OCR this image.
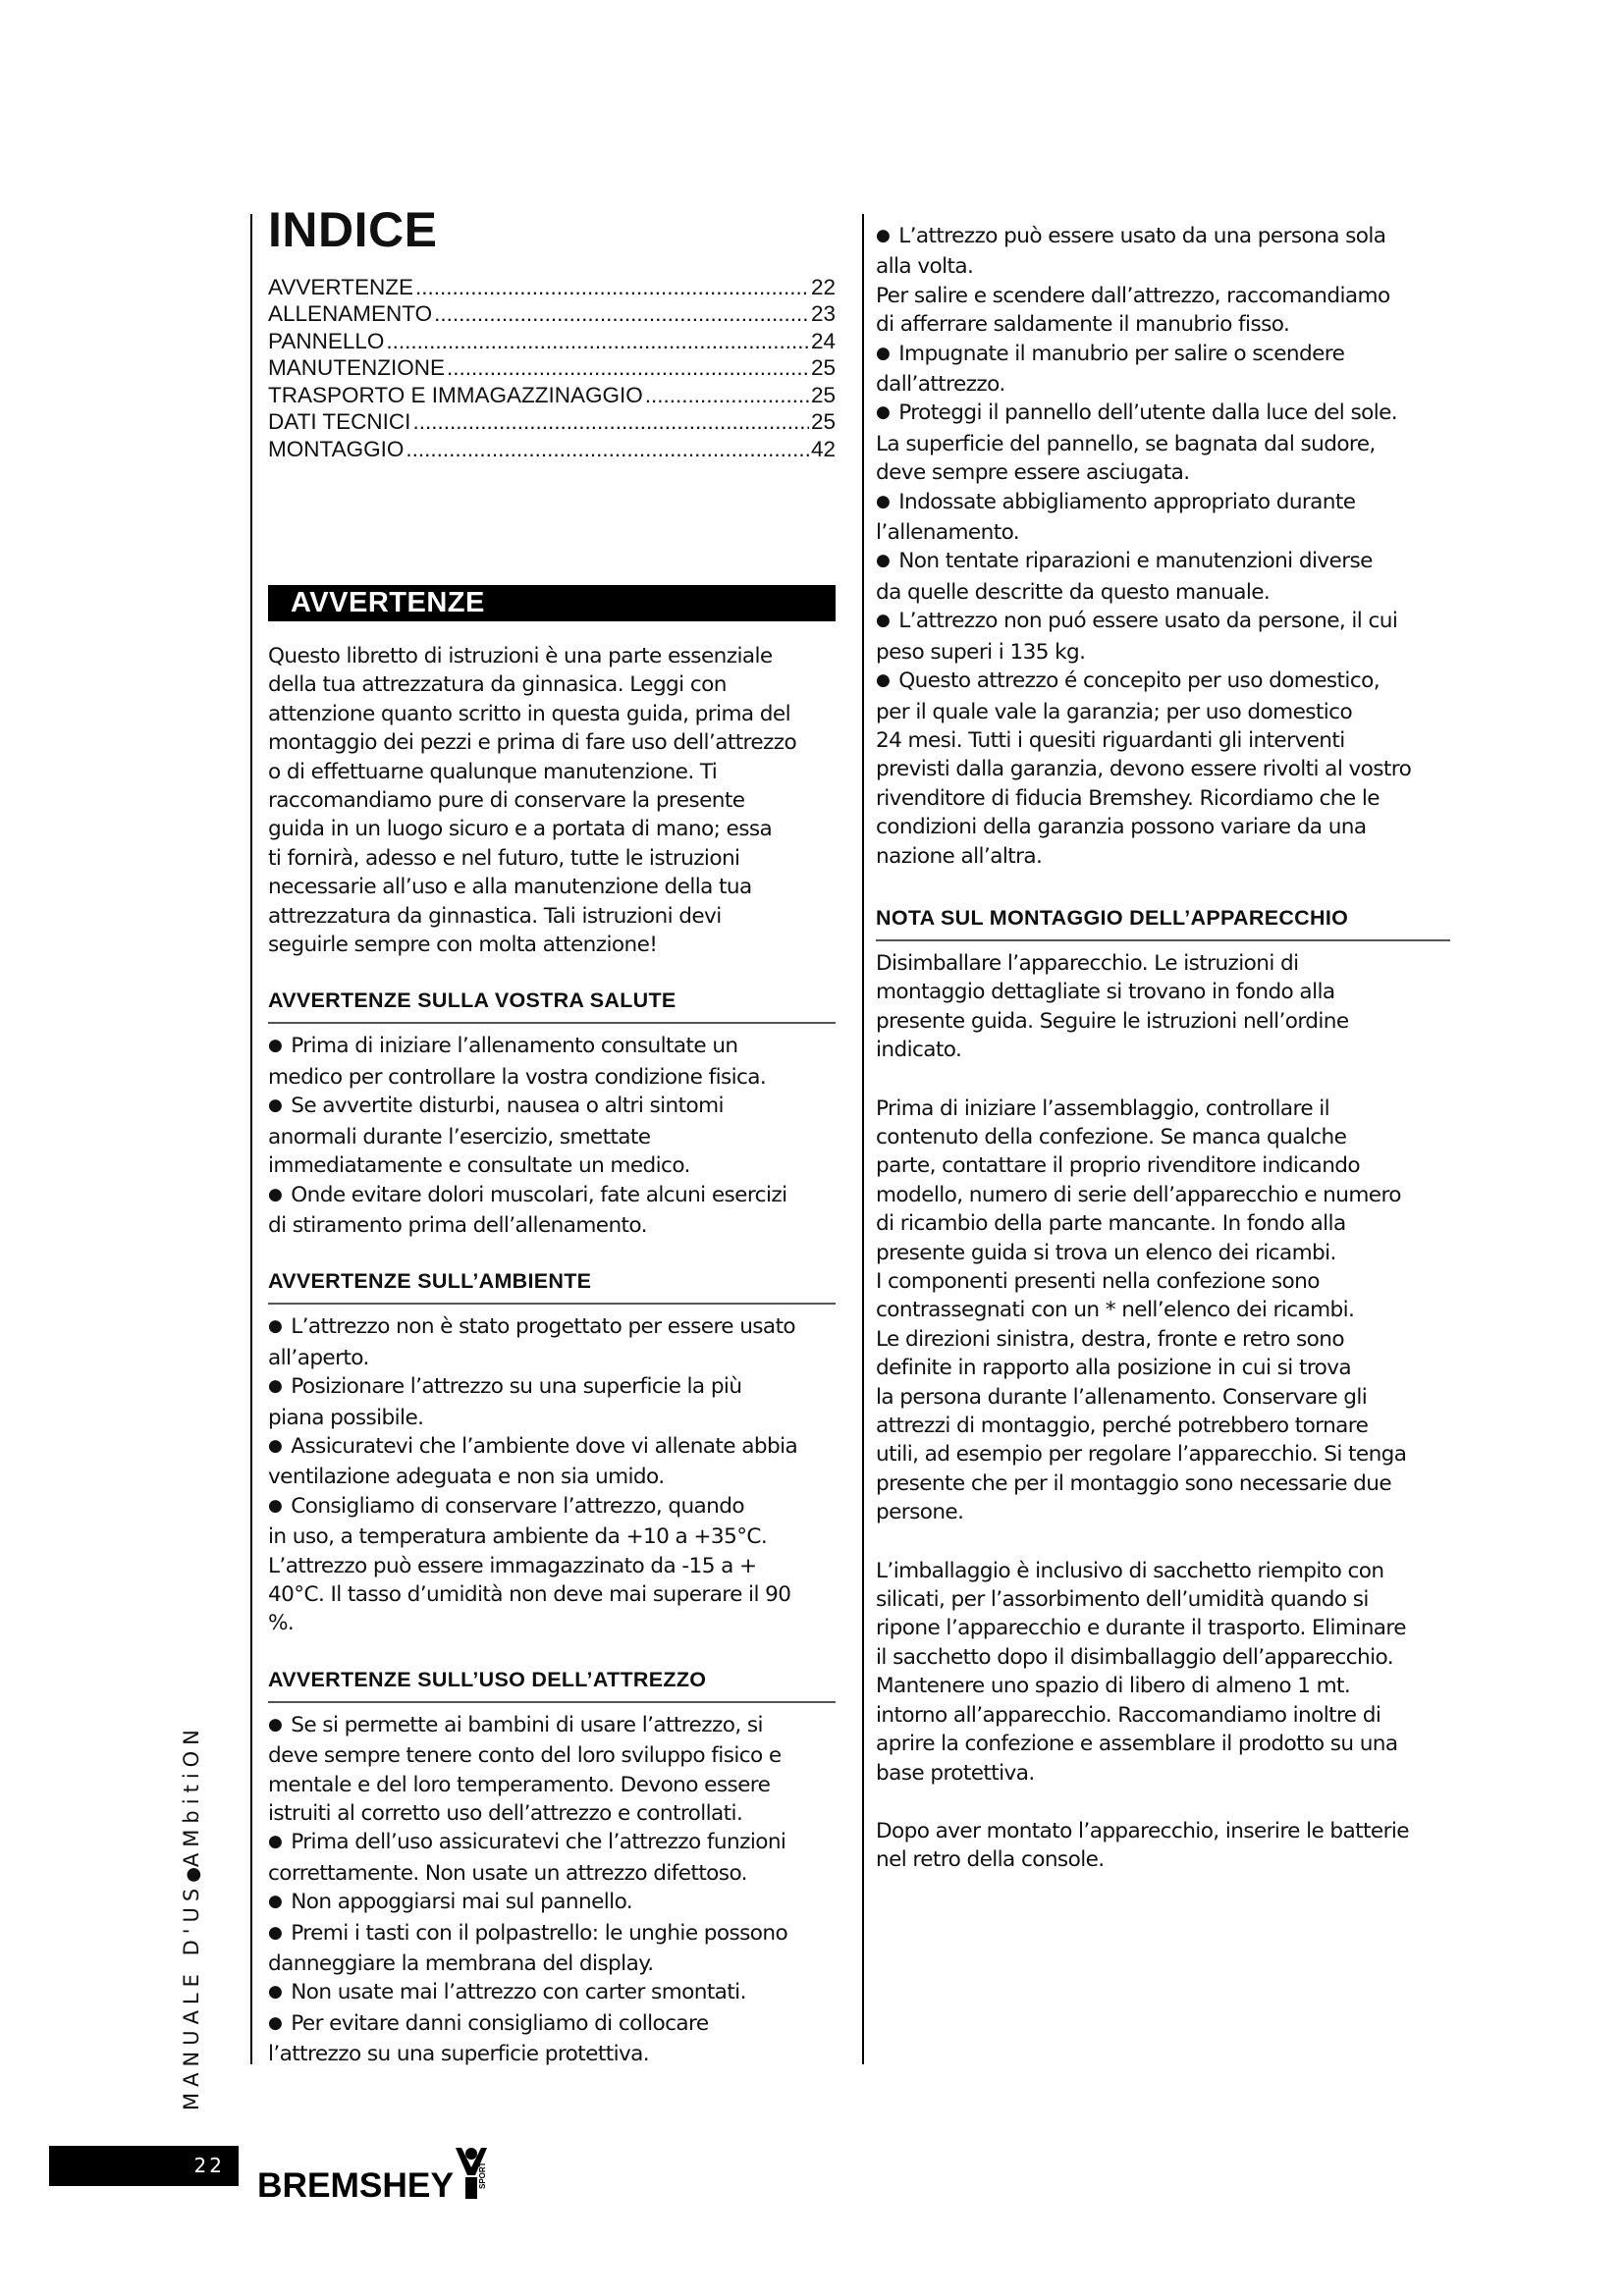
INDICE
AVVERTENZE .....	22
ALLENAMENTO .....	23
PANNELLO .....	24
MANUTENZIONE .....	25
TRASPORTO E IMMAGAZZINAGGIO .....	25
DATI TECNICI .....	25
MONTAGGIO .....	42
AVVERTENZE

Questo libretto di istruzioni è una parte essenziale

della tua attrezzatura da ginnasica. Leggi con

attenzione quanto scritto in questa guida, prima del

montaggio dei pezzi e prima di fare uso dell’attrezzo

o di effettuarne qualunque manutenzione. Ti

raccomandiamo pure di conservare la presente

guida in un luogo sicuro e a portata di mano; essa

ti fornirà, adesso e nel futuro, tutte le istruzioni

necessarie all’uso e alla manutenzione della tua

attrezzatura da ginnastica. Tali istruzioni devi

seguirle sempre con molta attenzione!

AVVERTENZE SULLA VOSTRA SALUTE

● Prima di iniziare l’allenamento consultate un

medico per controllare la vostra condizione fisica.

● Se avvertite disturbi, nausea o altri sintomi

anormali durante l’esercizio, smettate

immediatamente e consultate un medico.

● Onde evitare dolori muscolari, fate alcuni esercizi

di stiramento prima dell’allenamento.

AVVERTENZE SULL’AMBIENTE

● L’attrezzo non è stato progettato per essere usato

all’aperto.

● Posizionare l’attrezzo su una superficie la più

piana possibile.

● Assicuratevi che l’ambiente dove vi allenate abbia

ventilazione adeguata e non sia umido.

● Consigliamo di conservare l’attrezzo, quando

in uso, a temperatura ambiente da +10 a +35°C.

L’attrezzo può essere immagazzinato da -15 a +

40°C. Il tasso d’umidità non deve mai superare il 90

%.

AVVERTENZE SULL’USO DELL’ATTREZZO

● Se si permette ai bambini di usare l’attrezzo, si

deve sempre tenere conto del loro sviluppo fisico e

mentale e del loro temperamento. Devono essere

istruiti al corretto uso dell’attrezzo e controllati.

● Prima dell’uso assicuratevi che l’attrezzo funzioni

correttamente. Non usate un attrezzo difettoso.

● Non appoggiarsi mai sul pannello.

● Premi i tasti con il polpastrello: le unghie possono

danneggiare la membrana del display.

● Non usate mai l’attrezzo con carter smontati.

● Per evitare danni consigliamo di collocare

l’attrezzo su una superficie protettiva.

● L’attrezzo può essere usato da una persona sola

alla volta.

Per salire e scendere dall’attrezzo, raccomandiamo

di afferrare saldamente il manubrio fisso.

● Impugnate il manubrio per salire o scendere

dall’attrezzo.

● Proteggi il pannello dell’utente dalla luce del sole.

La superficie del pannello, se bagnata dal sudore,

deve sempre essere asciugata.

● Indossate abbigliamento appropriato durante

l’allenamento.

● Non tentate riparazioni e manutenzioni diverse

da quelle descritte da questo manuale.

● L’attrezzo non puó essere usato da persone, il cui

peso superi i 135 kg.

● Questo attrezzo é concepito per uso domestico,

per il quale vale la garanzia; per uso domestico

24 mesi. Tutti i quesiti riguardanti gli interventi

previsti dalla garanzia, devono essere rivolti al vostro

rivenditore di fiducia Bremshey. Ricordiamo che le

condizioni della garanzia possono variare da una

nazione all’altra.

NOTA SUL MONTAGGIO DELL’APPARECCHIO

Disimballare l’apparecchio. Le istruzioni di

montaggio dettagliate si trovano in fondo alla

presente guida. Seguire le istruzioni nell’ordine

indicato.

Prima di iniziare l’assemblaggio, controllare il

contenuto della confezione. Se manca qualche

parte, contattare il proprio rivenditore indicando

modello, numero di serie dell’apparecchio e numero

di ricambio della parte mancante. In fondo alla

presente guida si trova un elenco dei ricambi.

I componenti presenti nella confezione sono

contrassegnati con un * nell’elenco dei ricambi.

Le direzioni sinistra, destra, fronte e retro sono

definite in rapporto alla posizione in cui si trova

la persona durante l’allenamento. Conservare gli

attrezzi di montaggio, perché potrebbero tornare

utili, ad esempio per regolare l’apparecchio. Si tenga

presente che per il montaggio sono necessarie due

persone.

L’imballaggio è inclusivo di sacchetto riempito con

silicati, per l’assorbimento dell’umidità quando si

ripone l’apparecchio e durante il trasporto. Eliminare

il sacchetto dopo il disimballaggio dell’apparecchio.

Mantenere uno spazio di libero di almeno 1 mt.

intorno all’apparecchio. Raccomandiamo inoltre di

aprire la confezione e assemblare il prodotto su una

base protettiva.

Dopo aver montato l’apparecchio, inserire le batterie

nel retro della console.

MANUALE D'US●AMbitiON
22
BREMSHEY	SPORT
